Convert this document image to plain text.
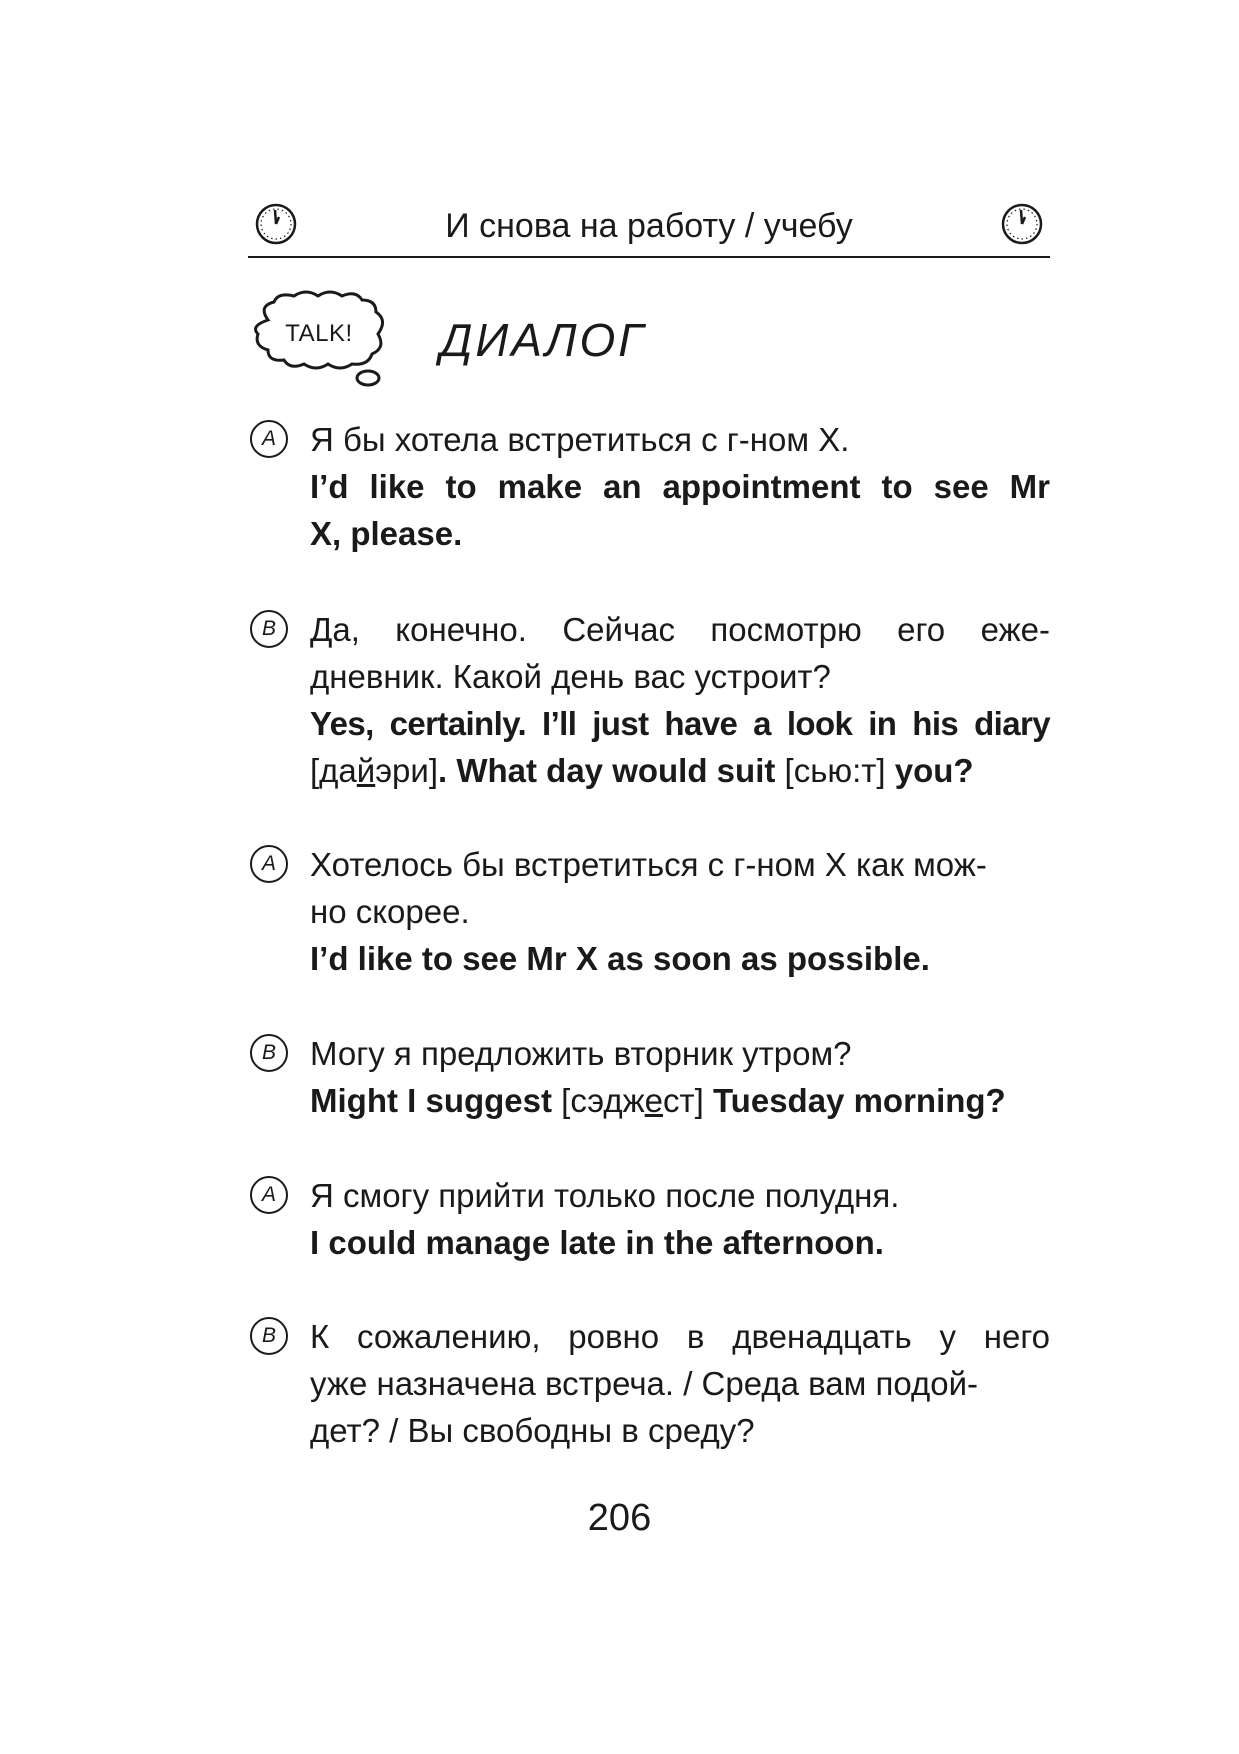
И снова на работу / учебу
TALK!	ДИАЛОГ
A	Я бы хотела встретиться с г-ном X.
I’d like to make an appointment to see Mr
X, please.
B	Да, конечно. Сейчас посмотрю его еже-
дневник. Какой день вас устроит?
Yes, certainly. I’ll just have a look in his diary
[дайэри]. What day would suit [сью:т] you?
A	Хотелось бы встретиться с г-ном X как мож-
но скорее.
I’d like to see Mr X as soon as possible.
B	Могу я предложить вторник утром?
Might I suggest [сэджест] Tuesday morning?
A	Я смогу прийти только после полудня.
I could manage late in the afternoon.
B	К сожалению, ровно в двенадцать у него
уже назначена встреча. / Среда вам подой-
дет? / Вы свободны в среду?
206
